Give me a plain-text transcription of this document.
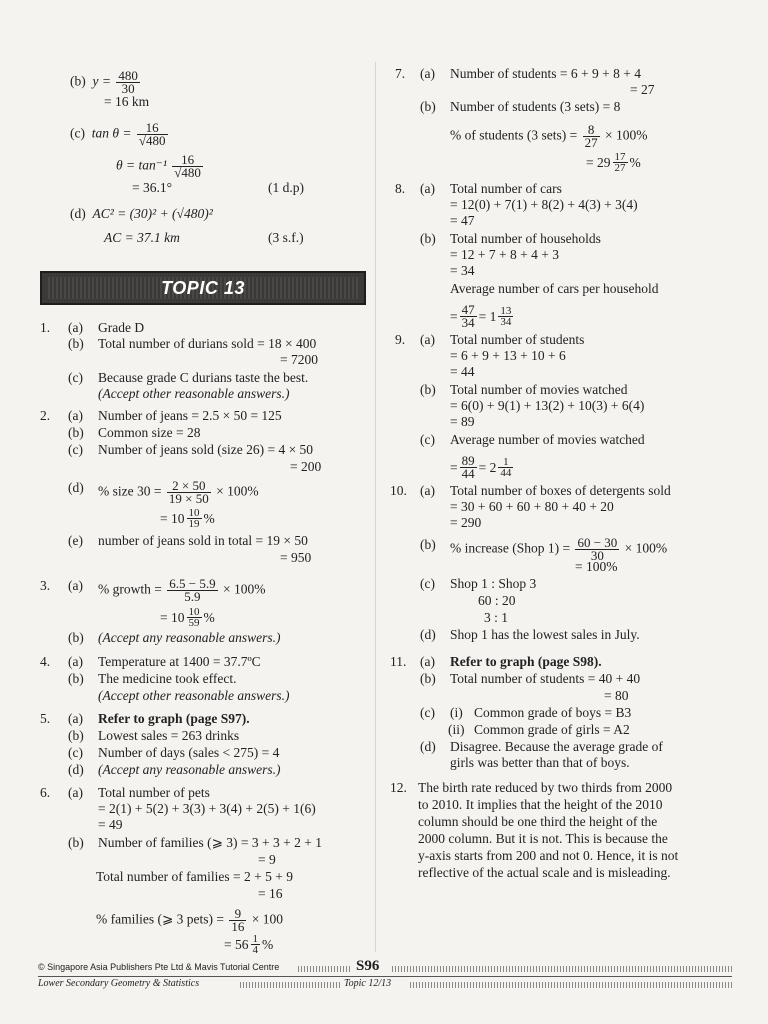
(b) $y = \frac{480}{30}$
= 16 km
(c) $\tan \theta = \frac{16}{√480}$
$\theta = \tan^{-1} \frac{16}{√480}$
= 36.1°	(1 d.p)
(d) AC² = (30)² + (√480)²
AC = 37.1 km	(3 s.f.)
TOPIC 13
1. (a) Grade D
(b) Total number of durians sold = 18 × 400
= 7200
(c) Because grade C durians taste the best.
(Accept other reasonable answers.)
2. (a) Number of jeans = 2.5 × 50 = 125
(b) Common size = 28
(c) Number of jeans sold (size 26) = 4 × 50
= 200
(d) % size $30 = \frac{2 \times 50}{19 \times 50} \times 100\%$
= $10 \frac{10}{19}$ %
(e) number of jeans sold in total = 19 × 50
= 950
3. (a) % growth = $\frac{6.5 - 5.9}{5.9} \times 100\%$
= $10 \frac{10}{59}$ %
(b) (Accept any reasonable answers.)
4. (a) Temperature at 1400 = 37.7ºC
(b) The medicine took effect.
(Accept other reasonable answers.)
5. (a) Refer to graph (page S97).
(b) Lowest sales = 263 drinks
(c) Number of days (sales < 275) = 4
(d) (Accept any reasonable answers.)
6. (a) Total number of pets
= 2(1) + 5(2) + 3(3) + 3(4) + 2(5) + 1(6)
= 49
(b) Number of families (⩾ 3) = 3 + 3 + 2 + 1
= 9
Total number of families = 2 + 5 + 9
= 16
% families (⩾ 3 pets) = $\frac{9}{16} \times 100$
= $56 \frac{1}{4}$ %
7. (a) Number of students = 6 + 9 + 8 + 4
= 27
(b) Number of students (3 sets) = 8
% of students (3 sets) = $\frac{8}{27} \times 100\%$
= $29 \frac{17}{27}$ %
8. (a) Total number of cars
= 12(0) + 7(1) + 8(2) + 4(3) + 3(4)
= 47
(b) Total number of households
= 12 + 7 + 8 + 4 + 3
= 34
Average number of cars per household
= $\frac{47}{34} = 1 \frac{13}{34}$
9. (a) Total number of students
= 6 + 9 + 13 + 10 + 6
= 44
(b) Total number of movies watched
= 6(0) + 9(1) + 13(2) + 10(3) + 6(4)
= 89
(c) Average number of movies watched
= $\frac{89}{44} = 2 \frac{1}{44}$
10. (a) Total number of boxes of detergents sold
= 30 + 60 + 60 + 80 + 40 + 20
= 290
(b) % increase (Shop $1) = \frac{60 - 30}{30} \times 100\%$
= 100%
(c) Shop 1 : Shop 3
60 : 20
3 : 1
(d) Shop 1 has the lowest sales in July.
11. (a) Refer to graph (page S98).
(b) Total number of students = 40 + 40
= 80
(c) (i) Common grade of boys = B3
(ii) Common grade of girls = A2
(d) Disagree. Because the average grade of
girls was better than that of boys.
12. The birth rate reduced by two thirds from 2000
to 2010. It implies that the height of the 2010
column should be one third the height of the
2000 column. But it is not. This is because the
y-axis starts from 200 and not 0. Hence, it is not
reflective of the actual scale and is misleading.
© Singapore Asia Publishers Pte Ltd & Mavis Tutorial Centre	S96
Lower Secondary Geometry & Statistics	Topic 12/13
